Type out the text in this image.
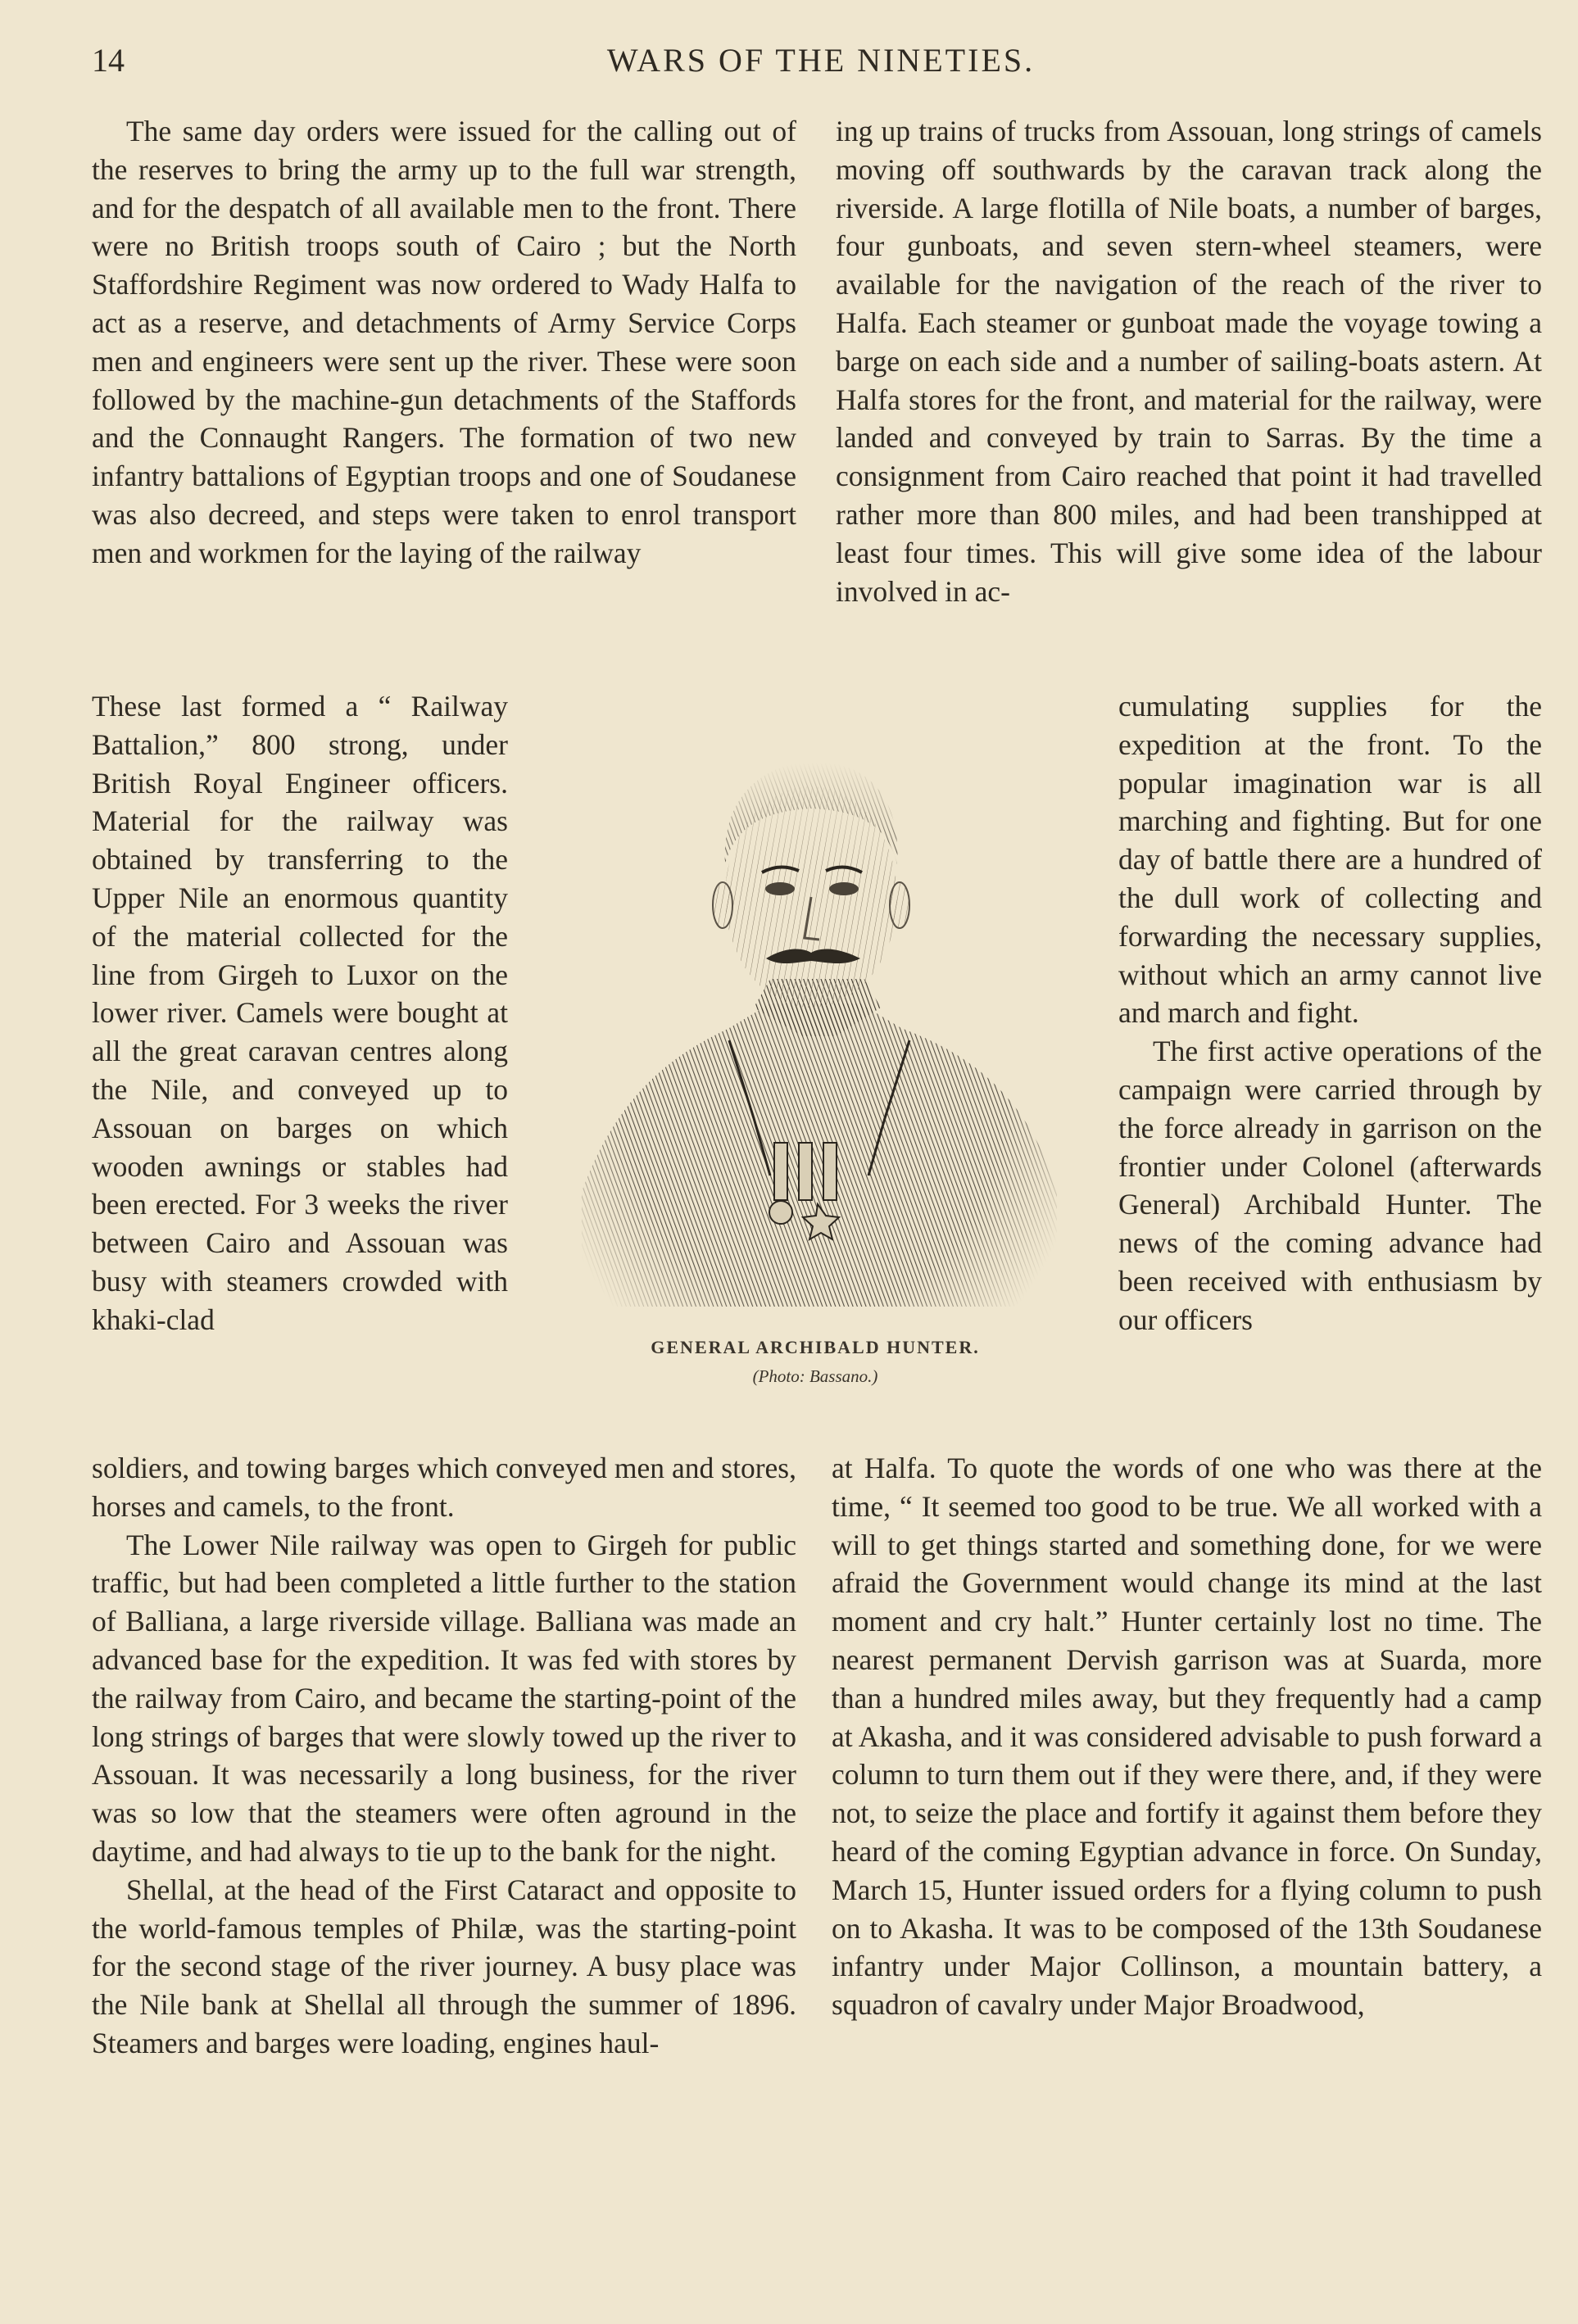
14	WARS OF THE NINETIES.

The same day orders were issued for the calling out of the reserves to bring the army up to the full war strength, and for the despatch of all available men to the front. There were no British troops south of Cairo ; but the North Staffordshire Regiment was now ordered to Wady Halfa to act as a reserve, and detachments of Army Service Corps men and engineers were sent up the river. These were soon followed by the machine-gun detachments of the Staffords and the Connaught Rangers. The formation of two new infantry battalions of Egyptian troops and one of Soudanese was also decreed, and steps were taken to enrol transport men and workmen for the laying of the railway

These last formed a “ Railway Battalion,” 800 strong, under British Royal Engineer officers. Material for the railway was obtained by transferring to the Upper Nile an enormous quantity of the material collected for the line from Girgeh to Luxor on the lower river. Camels were bought at all the great caravan centres along the Nile, and conveyed up to Assouan on barges on which wooden awnings or stables had been erected. For 3 weeks the river between Cairo and Assouan was busy with steamers crowded with khaki-clad

soldiers, and towing barges which conveyed men and stores, horses and camels, to the front.

The Lower Nile railway was open to Girgeh for public traffic, but had been completed a little further to the station of Balliana, a large riverside village. Balliana was made an advanced base for the expedition. It was fed with stores by the railway from Cairo, and became the starting-point of the long strings of barges that were slowly towed up the river to Assouan. It was necessarily a long business, for the river was so low that the steamers were often aground in the daytime, and had always to tie up to the bank for the night.

Shellal, at the head of the First Cataract and opposite to the world-famous temples of Philæ, was the starting-point for the second stage of the river journey. A busy place was the Nile bank at Shellal all through the summer of 1896. Steamers and barges were loading, engines haul-

ing up trains of trucks from Assouan, long strings of camels moving off southwards by the caravan track along the riverside. A large flotilla of Nile boats, a number of barges, four gunboats, and seven stern-wheel steamers, were available for the navigation of the reach of the river to Halfa. Each steamer or gunboat made the voyage towing a barge on each side and a number of sailing-boats astern. At Halfa stores for the front, and material for the railway, were landed and conveyed by train to Sarras. By the time a consignment from Cairo reached that point it had travelled rather more than 800 miles, and had been transhipped at least four times. This will give some idea of the labour involved in ac-

cumulating supplies for the expedition at the front. To the popular imagination war is all marching and fighting. But for one day of battle there are a hundred of the dull work of collecting and forwarding the necessary supplies, without which an army cannot live and march and fight.

The first active operations of the campaign were carried through by the force already in garrison on the frontier under Colonel (afterwards General) Archibald Hunter. The news of the coming advance had been received with enthusiasm by our officers

at Halfa. To quote the words of one who was there at the time, “ It seemed too good to be true. We all worked with a will to get things started and something done, for we were afraid the Government would change its mind at the last moment and cry halt.” Hunter certainly lost no time. The nearest permanent Dervish garrison was at Suarda, more than a hundred miles away, but they frequently had a camp at Akasha, and it was considered advisable to push forward a column to turn them out if they were there, and, if they were not, to seize the place and fortify it against them before they heard of the coming Egyptian advance in force. On Sunday, March 15, Hunter issued orders for a flying column to push on to Akasha. It was to be composed of the 13th Soudanese infantry under Major Collinson, a mountain battery, a squadron of cavalry under Major Broadwood,

GENERAL ARCHIBALD HUNTER.
(Photo: Bassano.)
